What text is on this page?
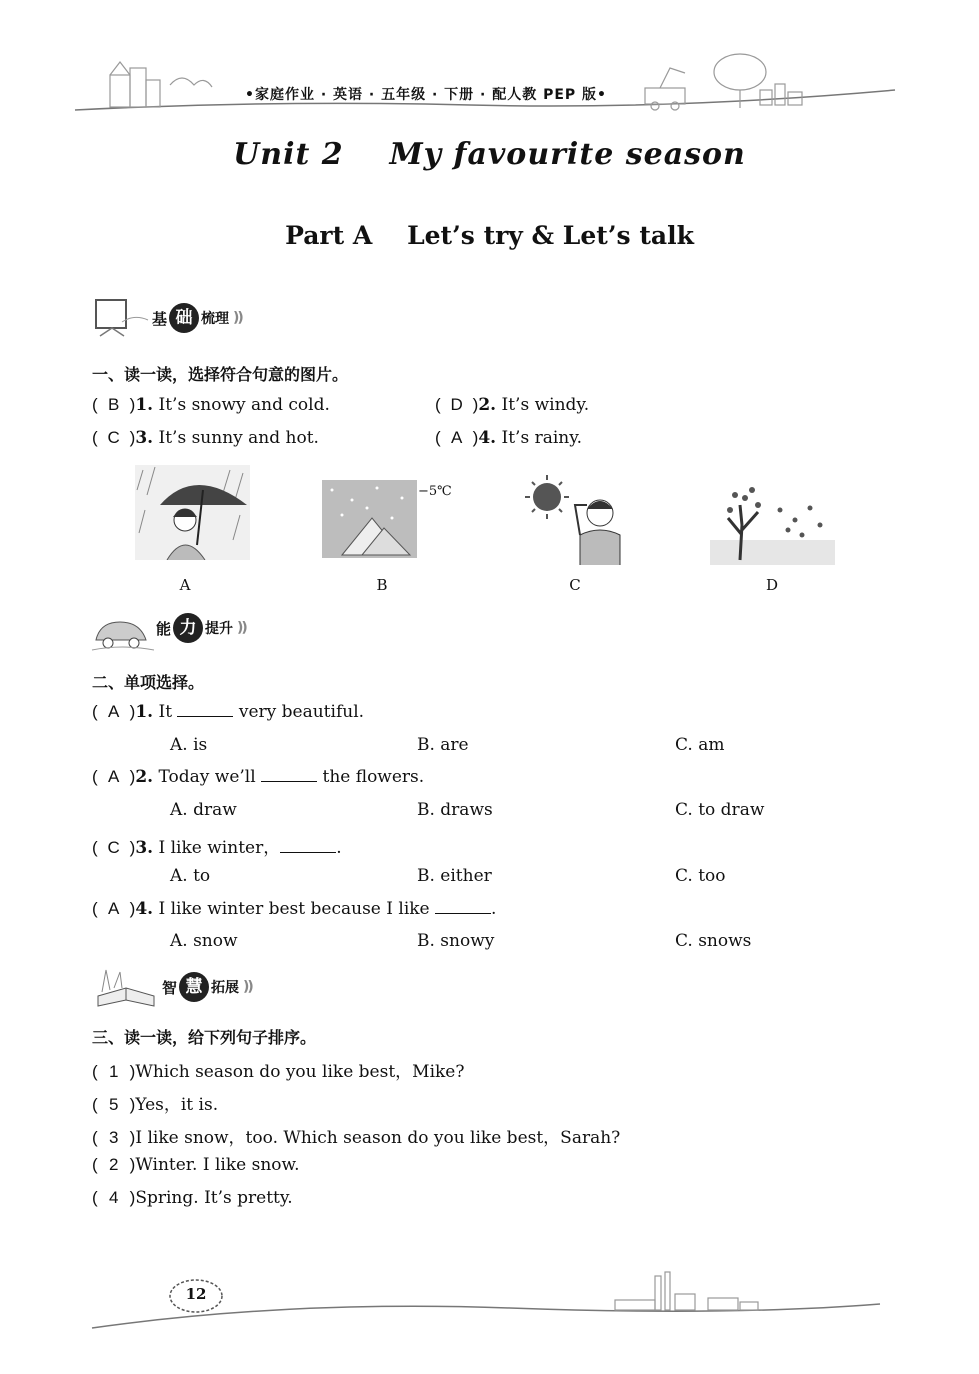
•家庭作业 · 英语 · 五年级 · 下册 · 配人教 PEP 版•
Unit 2    My favourite season
Part A    Let’s try & Let’s talk
基 础 梳理 ))
一、读一读，选择符合句意的图片。
( B )1. It’s snowy and cold.	( D )2. It’s windy.
( C )3. It’s sunny and hot.	( A )4. It’s rainy.
−5℃
A	B	C	D
能 力 提升 ))
二、单项选择。
( A )1. It	very beautiful.
A. is	B. are	C. am
( A )2. Today we’ll	the flowers.
A. draw	B. draws	C. to draw
( C )3. I like winter，	.
A. to	B. either	C. too
( A )4. I like winter best because I like	.
A. snow	B. snowy	C. snows
智 慧 拓展 ))
三、读一读，给下列句子排序。
( 1 )Which season do you like best，Mike?
( 5 )Yes，it is.
( 3 )I like snow，too. Which season do you like best，Sarah?
( 2 )Winter. I like snow.
( 4 )Spring. It’s pretty.
12
